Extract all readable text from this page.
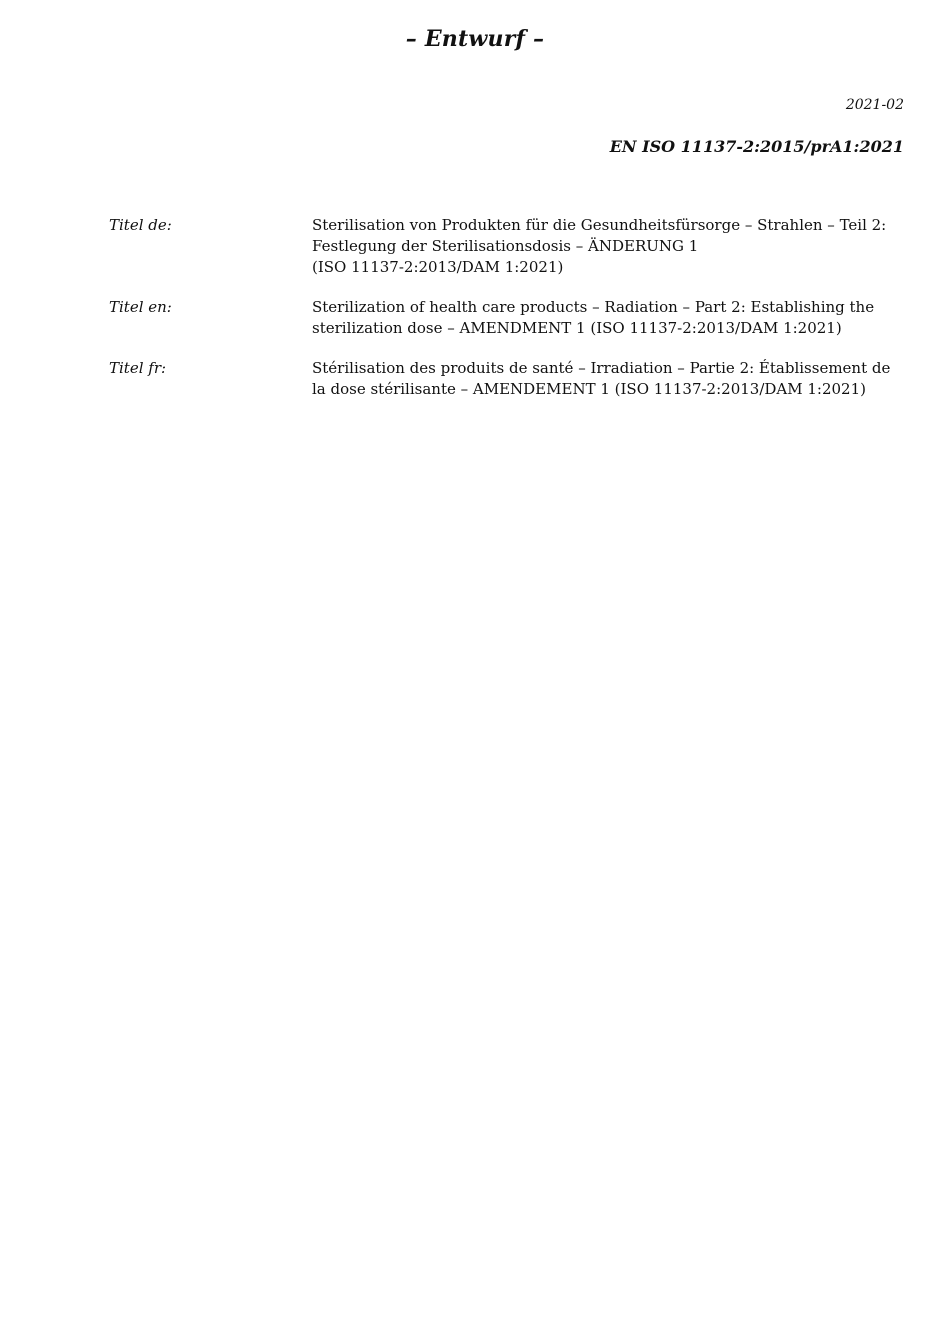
– Entwurf –
2021-02
EN ISO 11137-2:2015/prA1:2021
Titel de:	Sterilisation von Produkten für die Gesundheitsfürsorge – Strahlen – Teil 2:
Festlegung der Sterilisationsdosis – ÄNDERUNG 1
(ISO 11137-2:2013/DAM 1:2021)
Titel en:	Sterilization of health care products – Radiation – Part 2: Establishing the
sterilization dose – AMENDMENT 1 (ISO 11137-2:2013/DAM 1:2021)
Titel fr:	Stérilisation des produits de santé – Irradiation – Partie 2: Établissement de
la dose stérilisante – AMENDEMENT 1 (ISO 11137-2:2013/DAM 1:2021)
